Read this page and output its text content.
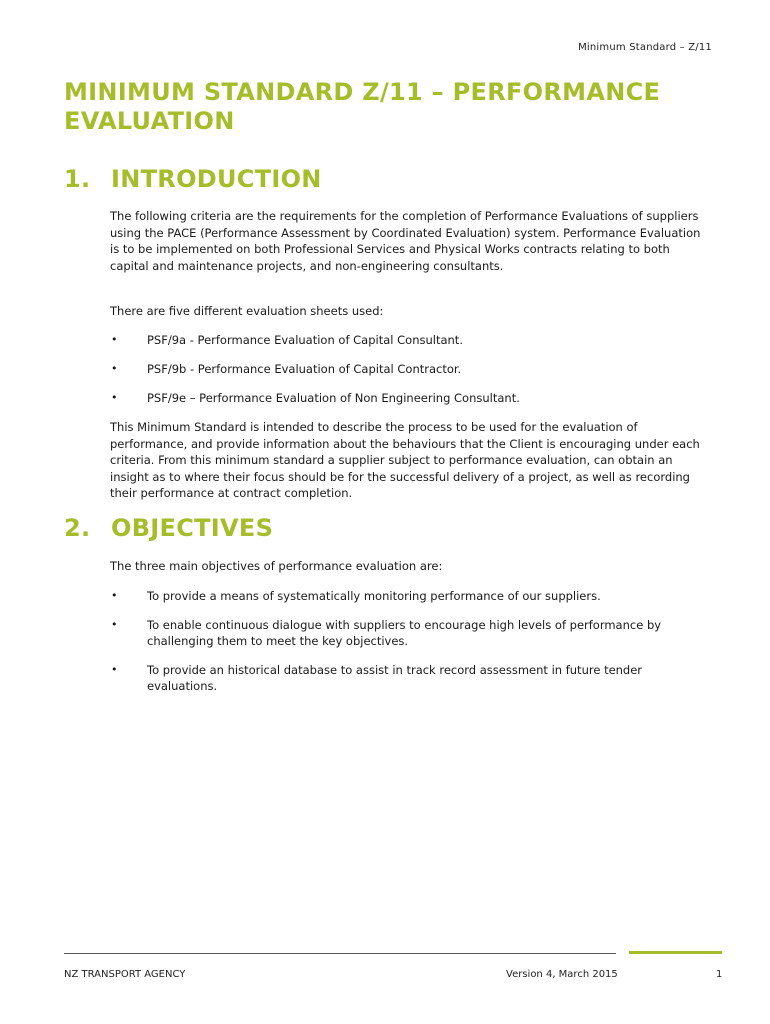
Minimum Standard – Z/11
MINIMUM STANDARD Z/11 – PERFORMANCE EVALUATION
1. INTRODUCTION

The following criteria are the requirements for the completion of Performance Evaluations of suppliers using the PACE (Performance Assessment by Coordinated Evaluation) system. Performance Evaluation is to be implemented on both Professional Services and Physical Works contracts relating to both capital and maintenance projects, and non-engineering consultants.

There are five different evaluation sheets used:

•	PSF/9a - Performance Evaluation of Capital Consultant.
•	PSF/9b - Performance Evaluation of Capital Contractor.
•	PSF/9e – Performance Evaluation of Non Engineering Consultant.

This Minimum Standard is intended to describe the process to be used for the evaluation of performance, and provide information about the behaviours that the Client is encouraging under each criteria. From this minimum standard a supplier subject to performance evaluation, can obtain an insight as to where their focus should be for the successful delivery of a project, as well as recording their performance at contract completion.

2. OBJECTIVES

The three main objectives of performance evaluation are:

•	To provide a means of systematically monitoring performance of our suppliers.
•	To enable continuous dialogue with suppliers to encourage high levels of performance by challenging them to meet the key objectives.
•	To provide an historical database to assist in track record assessment in future tender evaluations.
NZ TRANSPORT AGENCY	Version 4, March 2015	1
